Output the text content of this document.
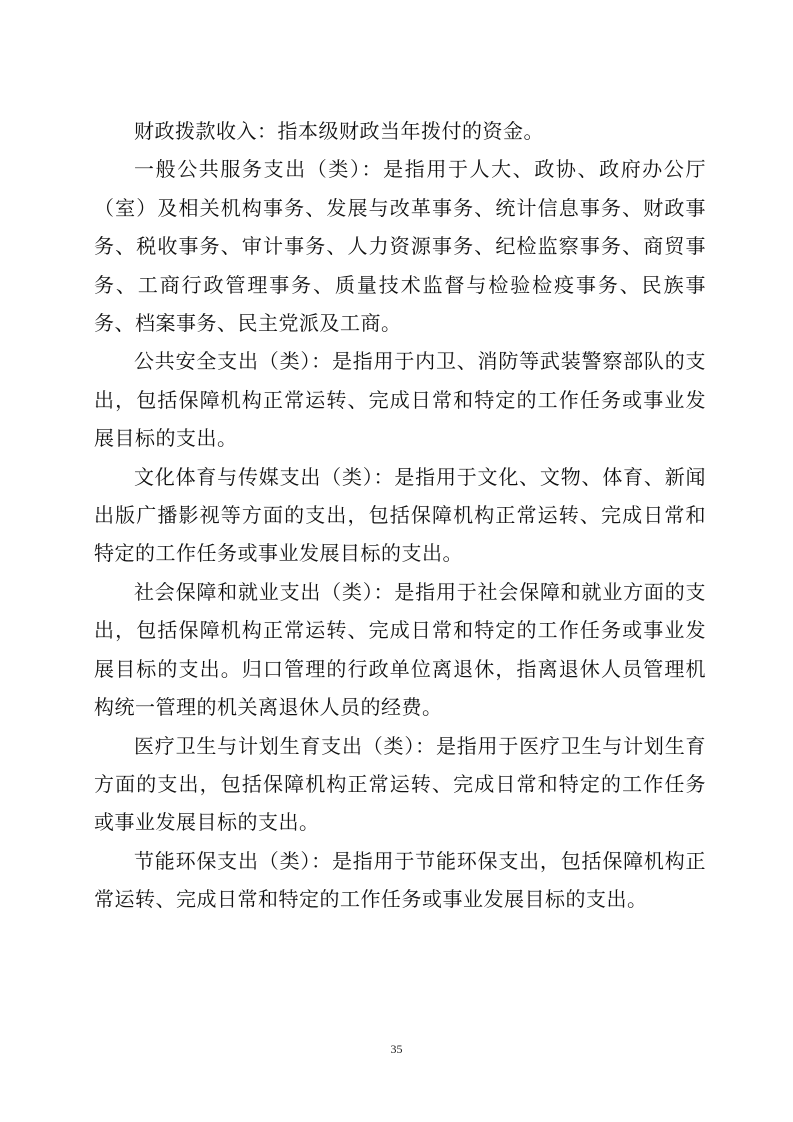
财政拨款收入：指本级财政当年拨付的资金。

一般公共服务支出（类）：是指用于人大、政协、政府办公厅（室）及相关机构事务、发展与改革事务、统计信息事务、财政事务、税收事务、审计事务、人力资源事务、纪检监察事务、商贸事务、工商行政管理事务、质量技术监督与检验检疫事务、民族事务、档案事务、民主党派及工商。

公共安全支出（类）：是指用于内卫、消防等武装警察部队的支出，包括保障机构正常运转、完成日常和特定的工作任务或事业发展目标的支出。

文化体育与传媒支出（类）：是指用于文化、文物、体育、新闻出版广播影视等方面的支出，包括保障机构正常运转、完成日常和特定的工作任务或事业发展目标的支出。

社会保障和就业支出（类）：是指用于社会保障和就业方面的支出，包括保障机构正常运转、完成日常和特定的工作任务或事业发展目标的支出。归口管理的行政单位离退休，指离退休人员管理机构统一管理的机关离退休人员的经费。

医疗卫生与计划生育支出（类）：是指用于医疗卫生与计划生育方面的支出，包括保障机构正常运转、完成日常和特定的工作任务或事业发展目标的支出。

节能环保支出（类）：是指用于节能环保支出，包括保障机构正常运转、完成日常和特定的工作任务或事业发展目标的支出。

35
